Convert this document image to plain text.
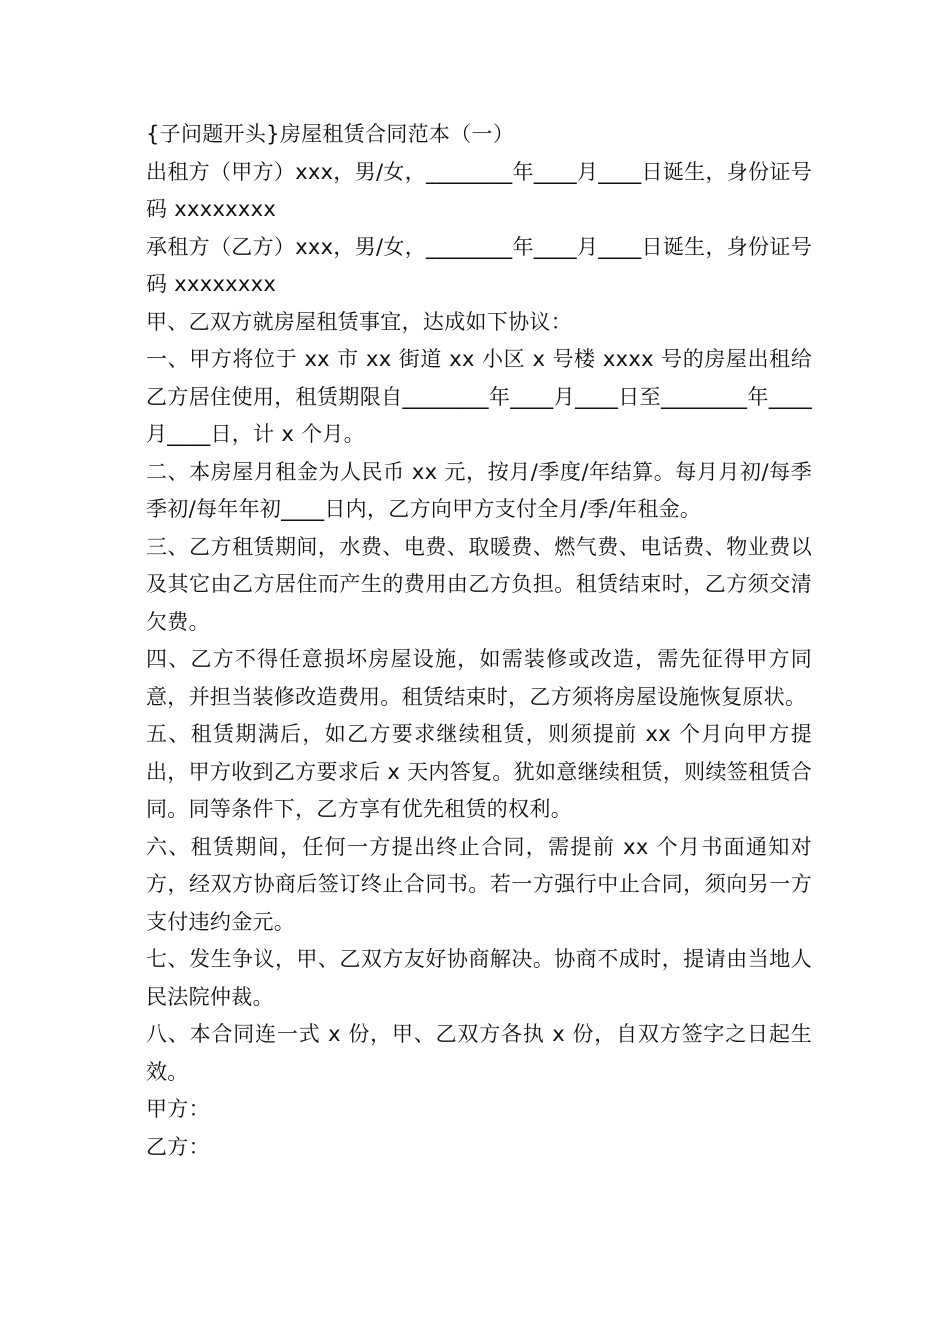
{子问题开头}房屋租赁合同范本（一）

出租方（甲方）xxx，男/女，________年____月____日诞生，身份证号码 xxxxxxxx

承租方（乙方）xxx，男/女，________年____月____日诞生，身份证号码 xxxxxxxx

甲、乙双方就房屋租赁事宜，达成如下协议：

一、甲方将位于 xx 市 xx 街道 xx 小区 x 号楼 xxxx 号的房屋出租给乙方居住使用，租赁期限自________年____月____日至________年____月____日，计 x 个月。

二、本房屋月租金为人民币 xx 元，按月/季度/年结算。每月月初/每季季初/每年年初____日内，乙方向甲方支付全月/季/年租金。

三、乙方租赁期间，水费、电费、取暖费、燃气费、电话费、物业费以及其它由乙方居住而产生的费用由乙方负担。租赁结束时，乙方须交清欠费。

四、乙方不得任意损坏房屋设施，如需装修或改造，需先征得甲方同意，并担当装修改造费用。租赁结束时，乙方须将房屋设施恢复原状。

五、租赁期满后，如乙方要求继续租赁，则须提前 xx 个月向甲方提出，甲方收到乙方要求后 x 天内答复。犹如意继续租赁，则续签租赁合同。同等条件下，乙方享有优先租赁的权利。

六、租赁期间，任何一方提出终止合同，需提前 xx 个月书面通知对方，经双方协商后签订终止合同书。若一方强行中止合同，须向另一方支付违约金元。

七、发生争议，甲、乙双方友好协商解决。协商不成时，提请由当地人民法院仲裁。

八、本合同连一式 x 份，甲、乙双方各执 x 份，自双方签字之日起生效。

甲方：

乙方：
